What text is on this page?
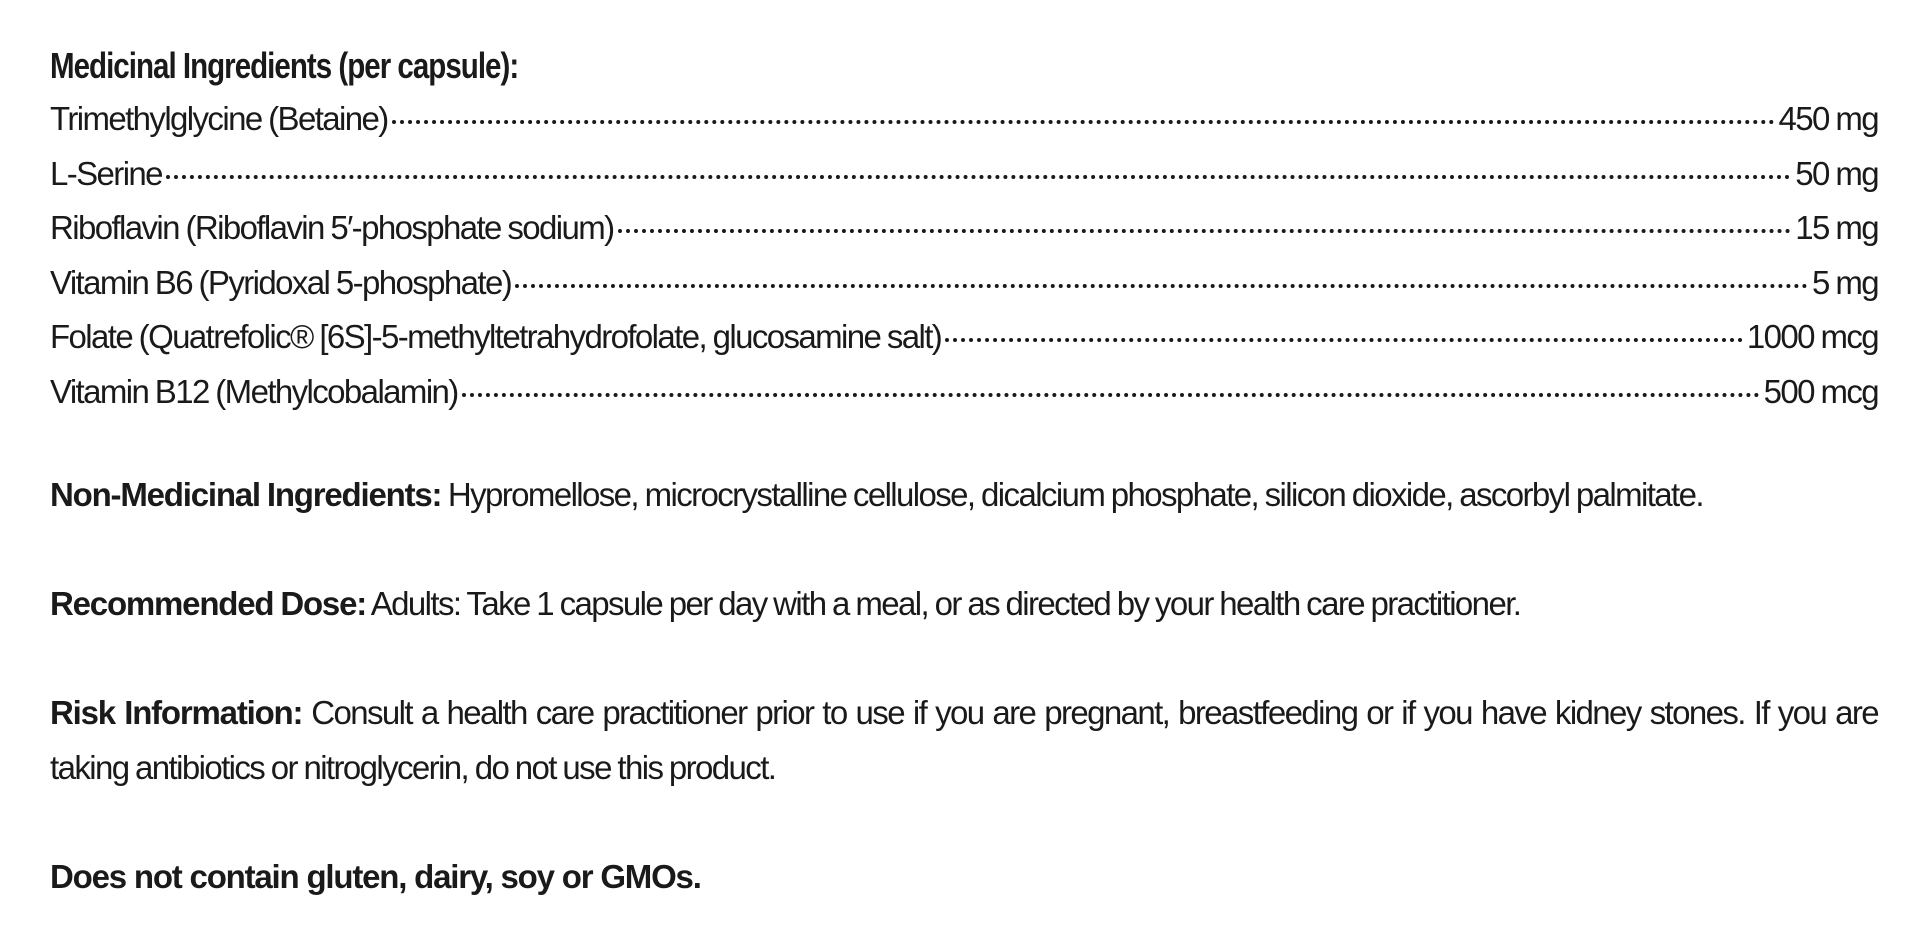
Medicinal Ingredients (per capsule):
Trimethylglycine (Betaine)	450 mg
L-Serine	50 mg
Riboflavin (Riboflavin 5′-phosphate sodium)	15 mg
Vitamin B6 (Pyridoxal 5-phosphate)	5 mg
Folate (Quatrefolic® [6S]-5-methyltetrahydrofolate, glucosamine salt)	1000 mcg
Vitamin B12 (Methylcobalamin)	500 mcg

Non-Medicinal Ingredients: Hypromellose, microcrystalline cellulose, dicalcium phosphate, silicon dioxide, ascorbyl palmitate.

Recommended Dose: Adults: Take 1 capsule per day with a meal, or as directed by your health care practitioner.

Risk Information: Consult a health care practitioner prior to use if you are pregnant, breastfeeding or if you have kidney stones. If you are taking antibiotics or nitroglycerin, do not use this product.

Does not contain gluten, dairy, soy or GMOs.
